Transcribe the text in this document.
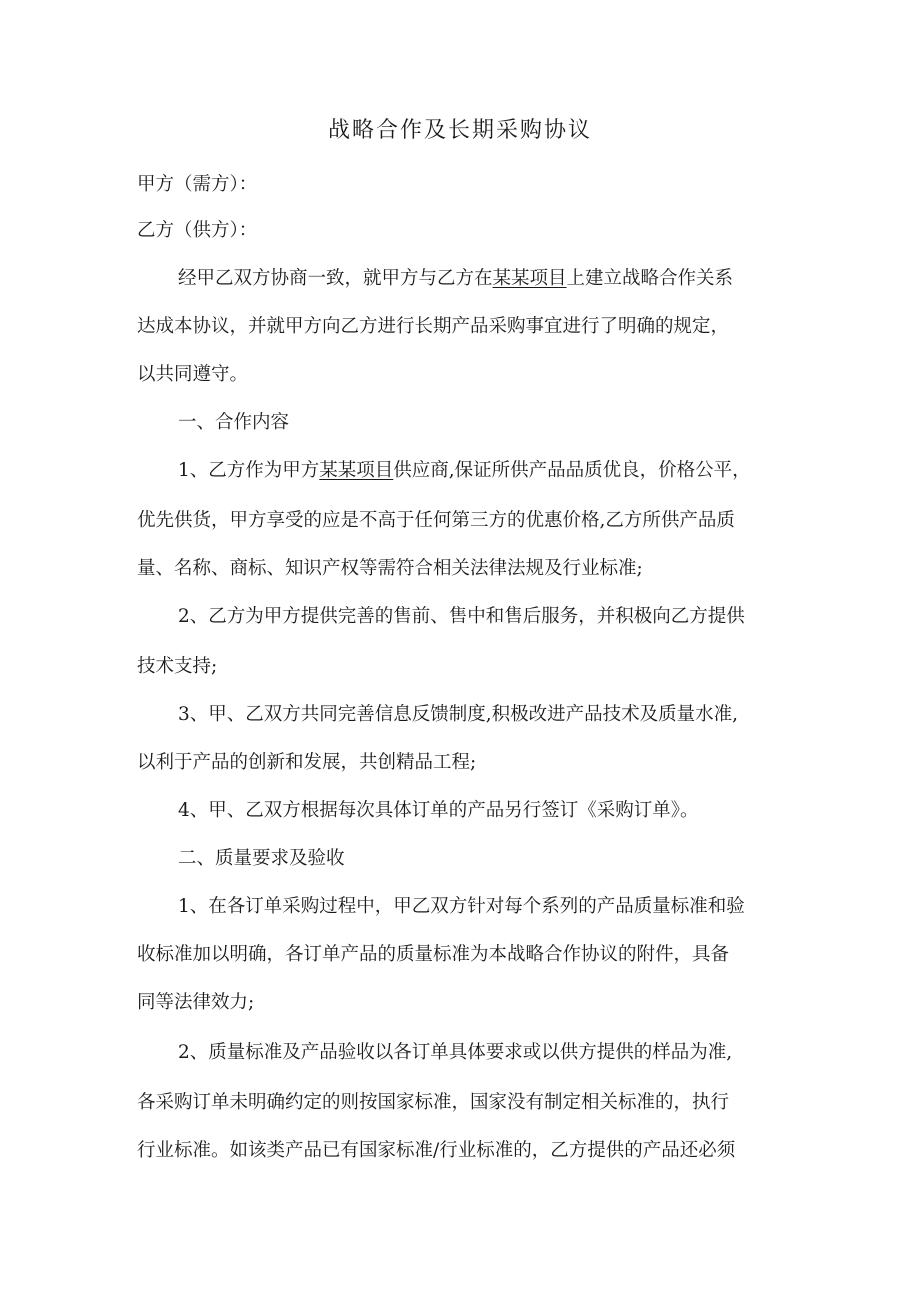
战略合作及长期采购协议
甲方（需方）：
乙方（供方）：
经甲乙双方协商一致，就甲方与乙方在某某项目上建立战略合作关系
达成本协议，并就甲方向乙方进行长期产品采购事宜进行了明确的规定，
以共同遵守。
一、合作内容
1、乙方作为甲方某某项目供应商,保证所供产品品质优良，价格公平，
优先供货，甲方享受的应是不高于任何第三方的优惠价格,乙方所供产品质
量、名称、商标、知识产权等需符合相关法律法规及行业标准;
2、乙方为甲方提供完善的售前、售中和售后服务，并积极向乙方提供
技术支持;
3、甲、乙双方共同完善信息反馈制度,积极改进产品技术及质量水准,
以利于产品的创新和发展，共创精品工程;
4、甲、乙双方根据每次具体订单的产品另行签订《采购订单》。
二、质量要求及验收
1、在各订单采购过程中，甲乙双方针对每个系列的产品质量标准和验
收标准加以明确，各订单产品的质量标准为本战略合作协议的附件，具备
同等法律效力;
2、质量标准及产品验收以各订单具体要求或以供方提供的样品为准,
各采购订单未明确约定的则按国家标准，国家没有制定相关标准的，执行
行业标准。如该类产品已有国家标准/行业标准的，乙方提供的产品还必须
